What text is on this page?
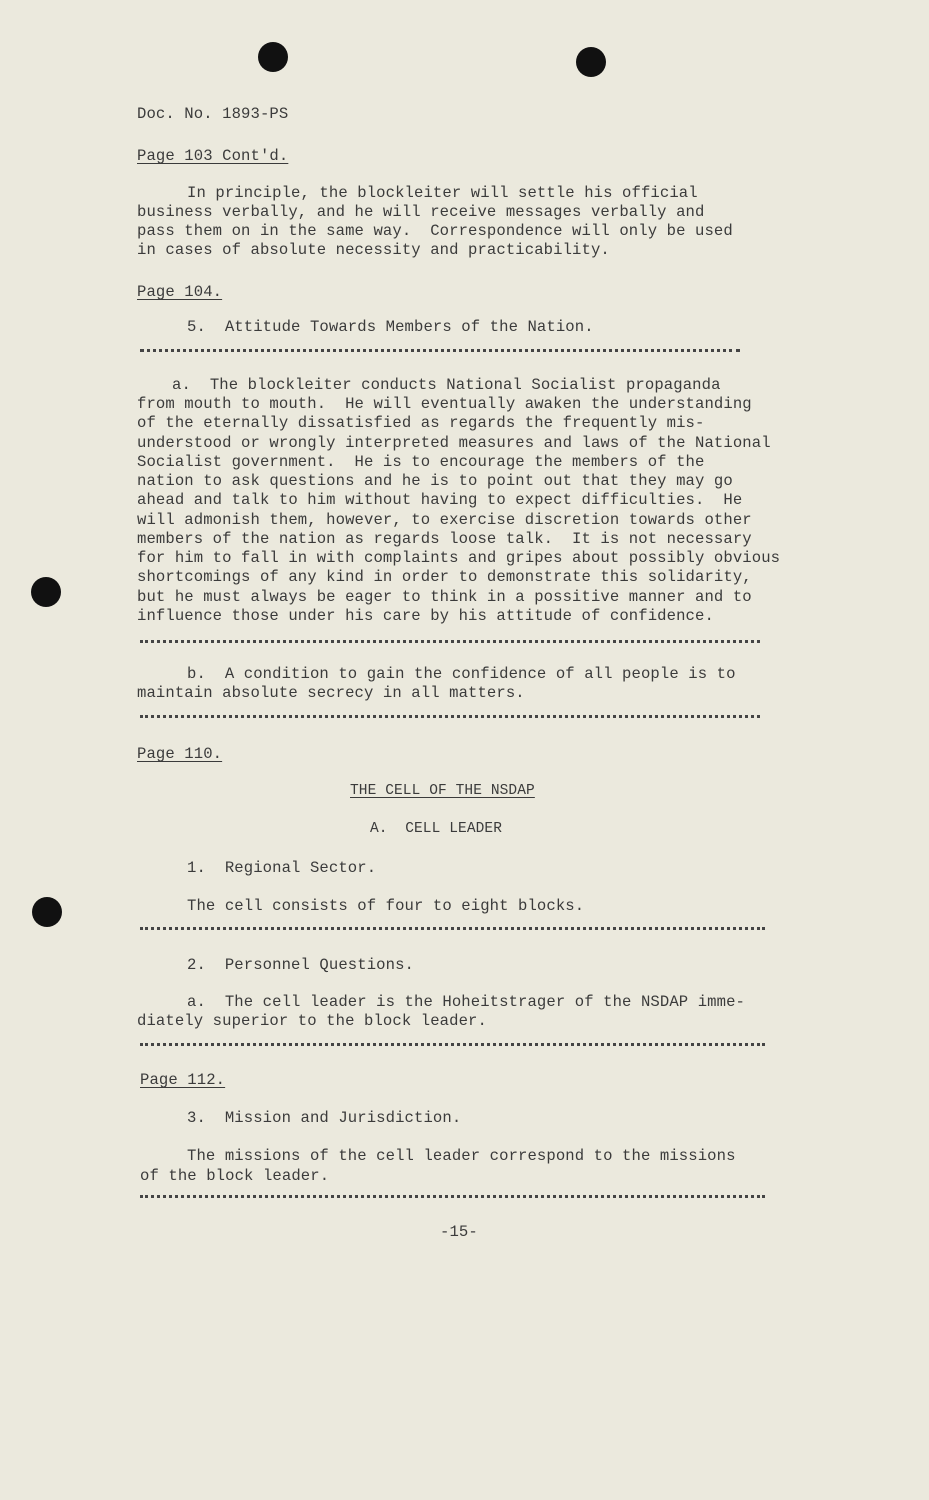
Doc. No. 1893-PS
Page 103 Cont'd.
In principle, the blockleiter will settle his official
business verbally, and he will receive messages verbally and
pass them on in the same way.  Correspondence will only be used
in cases of absolute necessity and practicability.
Page 104.
5.  Attitude Towards Members of the Nation.
a.  The blockleiter conducts National Socialist propaganda
from mouth to mouth.  He will eventually awaken the understanding
of the eternally dissatisfied as regards the frequently mis-
understood or wrongly interpreted measures and laws of the National
Socialist government.  He is to encourage the members of the
nation to ask questions and he is to point out that they may go
ahead and talk to him without having to expect difficulties.  He
will admonish them, however, to exercise discretion towards other
members of the nation as regards loose talk.  It is not necessary
for him to fall in with complaints and gripes about possibly obvious
shortcomings of any kind in order to demonstrate this solidarity,
but he must always be eager to think in a possitive manner and to
influence those under his care by his attitude of confidence.
b.  A condition to gain the confidence of all people is to
maintain absolute secrecy in all matters.
Page 110.
THE CELL OF THE NSDAP
A.  CELL LEADER
1.  Regional Sector.
The cell consists of four to eight blocks.
2.  Personnel Questions.
a.  The cell leader is the Hoheitstrager of the NSDAP imme-
diately superior to the block leader.
Page 112.
3.  Mission and Jurisdiction.
The missions of the cell leader correspond to the missions
of the block leader.
-15-
